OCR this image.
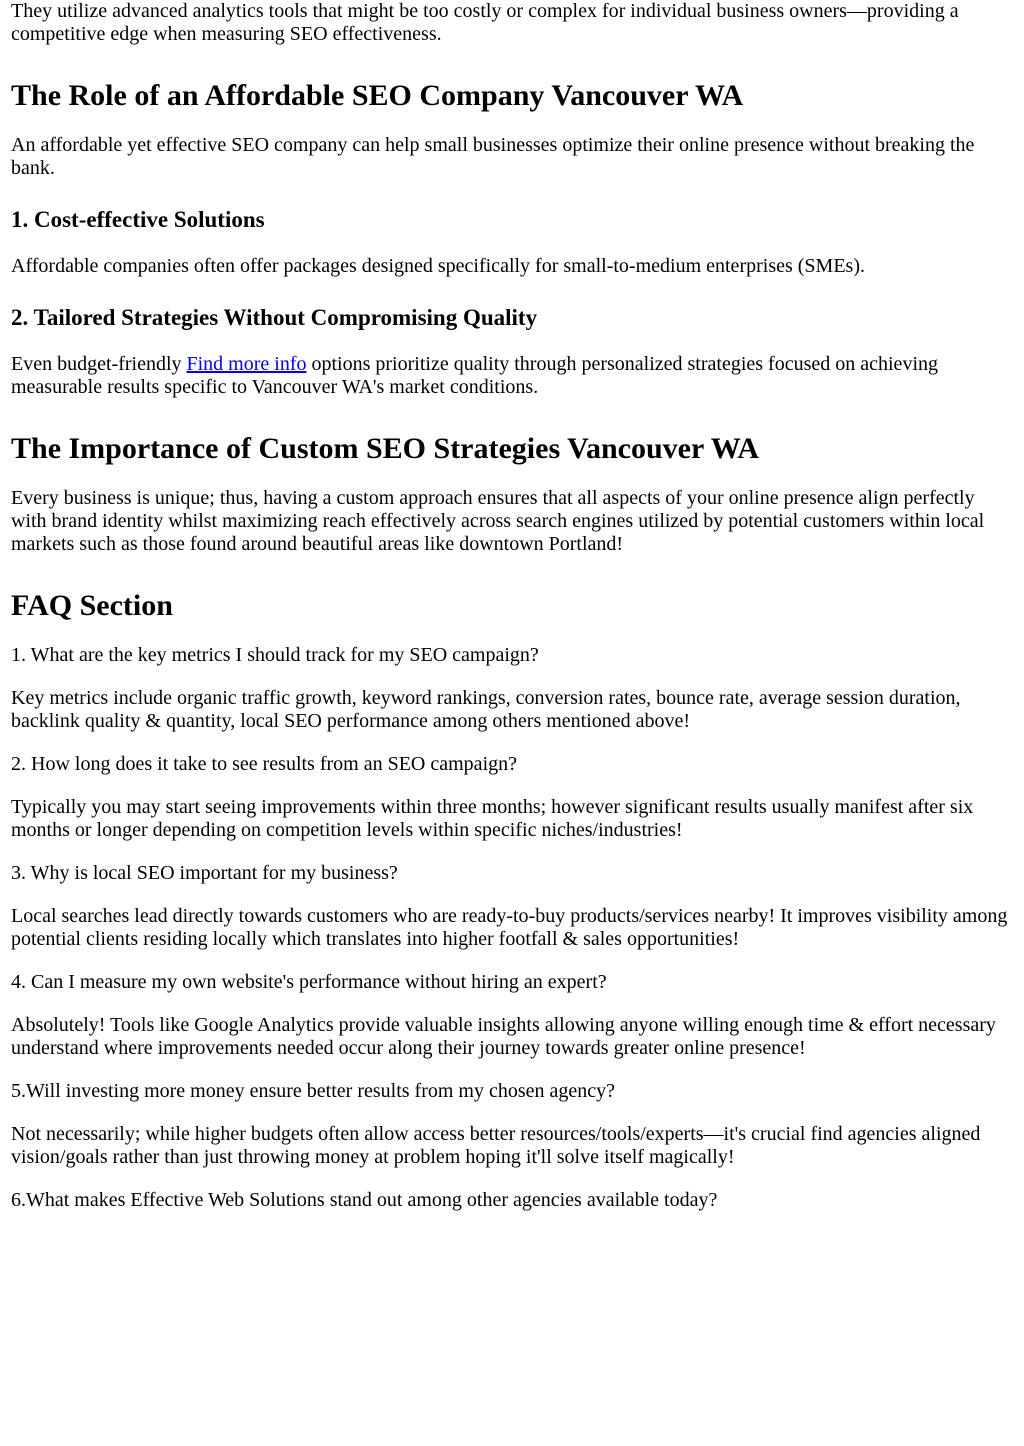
They utilize advanced analytics tools that might be too costly or complex for individual business owners—providing a competitive edge when measuring SEO effectiveness.

The Role of an Affordable SEO Company Vancouver WA

An affordable yet effective SEO company can help small businesses optimize their online presence without breaking the bank.

1. Cost-effective Solutions

Affordable companies often offer packages designed specifically for small-to-medium enterprises (SMEs).

2. Tailored Strategies Without Compromising Quality

Even budget-friendly Find more info options prioritize quality through personalized strategies focused on achieving measurable results specific to Vancouver WA's market conditions.

The Importance of Custom SEO Strategies Vancouver WA

Every business is unique; thus, having a custom approach ensures that all aspects of your online presence align perfectly with brand identity whilst maximizing reach effectively across search engines utilized by potential customers within local markets such as those found around beautiful areas like downtown Portland!

FAQ Section

1. What are the key metrics I should track for my SEO campaign?

Key metrics include organic traffic growth, keyword rankings, conversion rates, bounce rate, average session duration, backlink quality & quantity, local SEO performance among others mentioned above!

2. How long does it take to see results from an SEO campaign?

Typically you may start seeing improvements within three months; however significant results usually manifest after six months or longer depending on competition levels within specific niches/industries!

3. Why is local SEO important for my business?

Local searches lead directly towards customers who are ready-to-buy products/services nearby! It improves visibility among potential clients residing locally which translates into higher footfall & sales opportunities!

4. Can I measure my own website's performance without hiring an expert?

Absolutely! Tools like Google Analytics provide valuable insights allowing anyone willing enough time & effort necessary understand where improvements needed occur along their journey towards greater online presence!

5.Will investing more money ensure better results from my chosen agency?

Not necessarily; while higher budgets often allow access better resources/tools/experts—it's crucial find agencies aligned vision/goals rather than just throwing money at problem hoping it'll solve itself magically!

6.What makes Effective Web Solutions stand out among other agencies available today?
